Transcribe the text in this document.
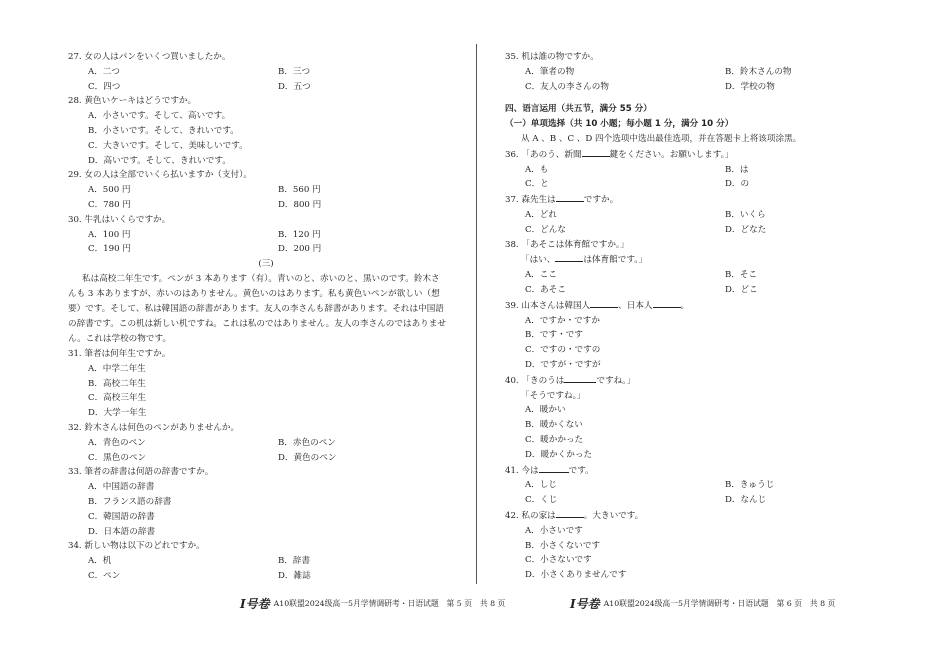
27. 女の人はパンをいくつ買いましたか。
A．二つ	B．三つ
C．四つ	D．五つ
28. 黄色いケーキはどうですか。
A．小さいです。そして、高いです。
B．小さいです。そして、きれいです。
C．大きいです。そして、美味しいです。
D．高いです。そして、きれいです。
29. 女の人は全部でいくら払いますか（支付）。
A．500 円	B．560 円
C．780 円	D．800 円
30. 牛乳はいくらですか。
A．100 円	B．120 円
C．190 円	D．200 円
(三)
私は高校二年生です。ペンが 3 本あります（有）。青いのと、赤いのと、黒いのです。鈴木さんも 3 本ありますが、赤いのはありません。黄色いのはあります。私も黄色いペンが欲しい（想要）です。そして、私は韓国語の辞書があります。友人の李さんも辞書があります。それは中国語の辞書です。この机は新しい机ですね。これは私のではありません。友人の李さんのではありません。これは学校の物です。
31. 筆者は何年生ですか。
A．中学二年生
B．高校二年生
C．高校三年生
D．大学一年生
32. 鈴木さんは何色のペンがありませんか。
A．青色のペン	B．赤色のペン
C．黒色のペン	D．黄色のペン
33. 筆者の辞書は何語の辞書ですか。
A．中国語の辞書
B．フランス語の辞書
C．韓国語の辞書
D．日本語の辞書
34. 新しい物は以下のどれですか。
A．机	B．辞書
C．ペン	D．雑誌
35. 机は誰の物ですか。
A．筆者の物	B．鈴木さんの物
C．友人の李さんの物	D．学校の物
四、语言运用（共五节，满分 55 分）
（一）单项选择（共 10 小题；每小题 1 分，满分 10 分）
从 A 、B 、C 、D 四个选项中选出最佳选项，并在答题卡上将该项涂黑。
36. 「あのう、新聞	鍵をください。お願いします。」
A．も	B．は
C．と	D．の
37. 森先生は	ですか。
A．どれ	B．いくら
C．どんな	D．どなた
38. 「あそこは体育館ですか。」
「はい、	は体育館です。」
A．ここ	B．そこ
C．あそこ	D．どこ
39. 山本さんは韓国人	、日本人	。
A．ですか・ですか
B．です・です
C．ですの・ですの
D．ですが・ですが
40. 「きのうは	ですね。」
「そうですね。」
A．暖かい
B．暖かくない
C．暖かかった
D．暖かくかった
41. 今は	です。
A．しじ	B．きゅうじ
C．くじ	D．なんじ
42. 私の家は	。大きいです。
A．小さいです
B．小さくないです
C．小さないです
D．小さくありませんです
I号卷 A10联盟2024级高一5月学情调研考・日语试题　第 5 页　共 8 页	I号卷 A10联盟2024级高一5月学情调研考・日语试题　第 6 页　共 8 页
